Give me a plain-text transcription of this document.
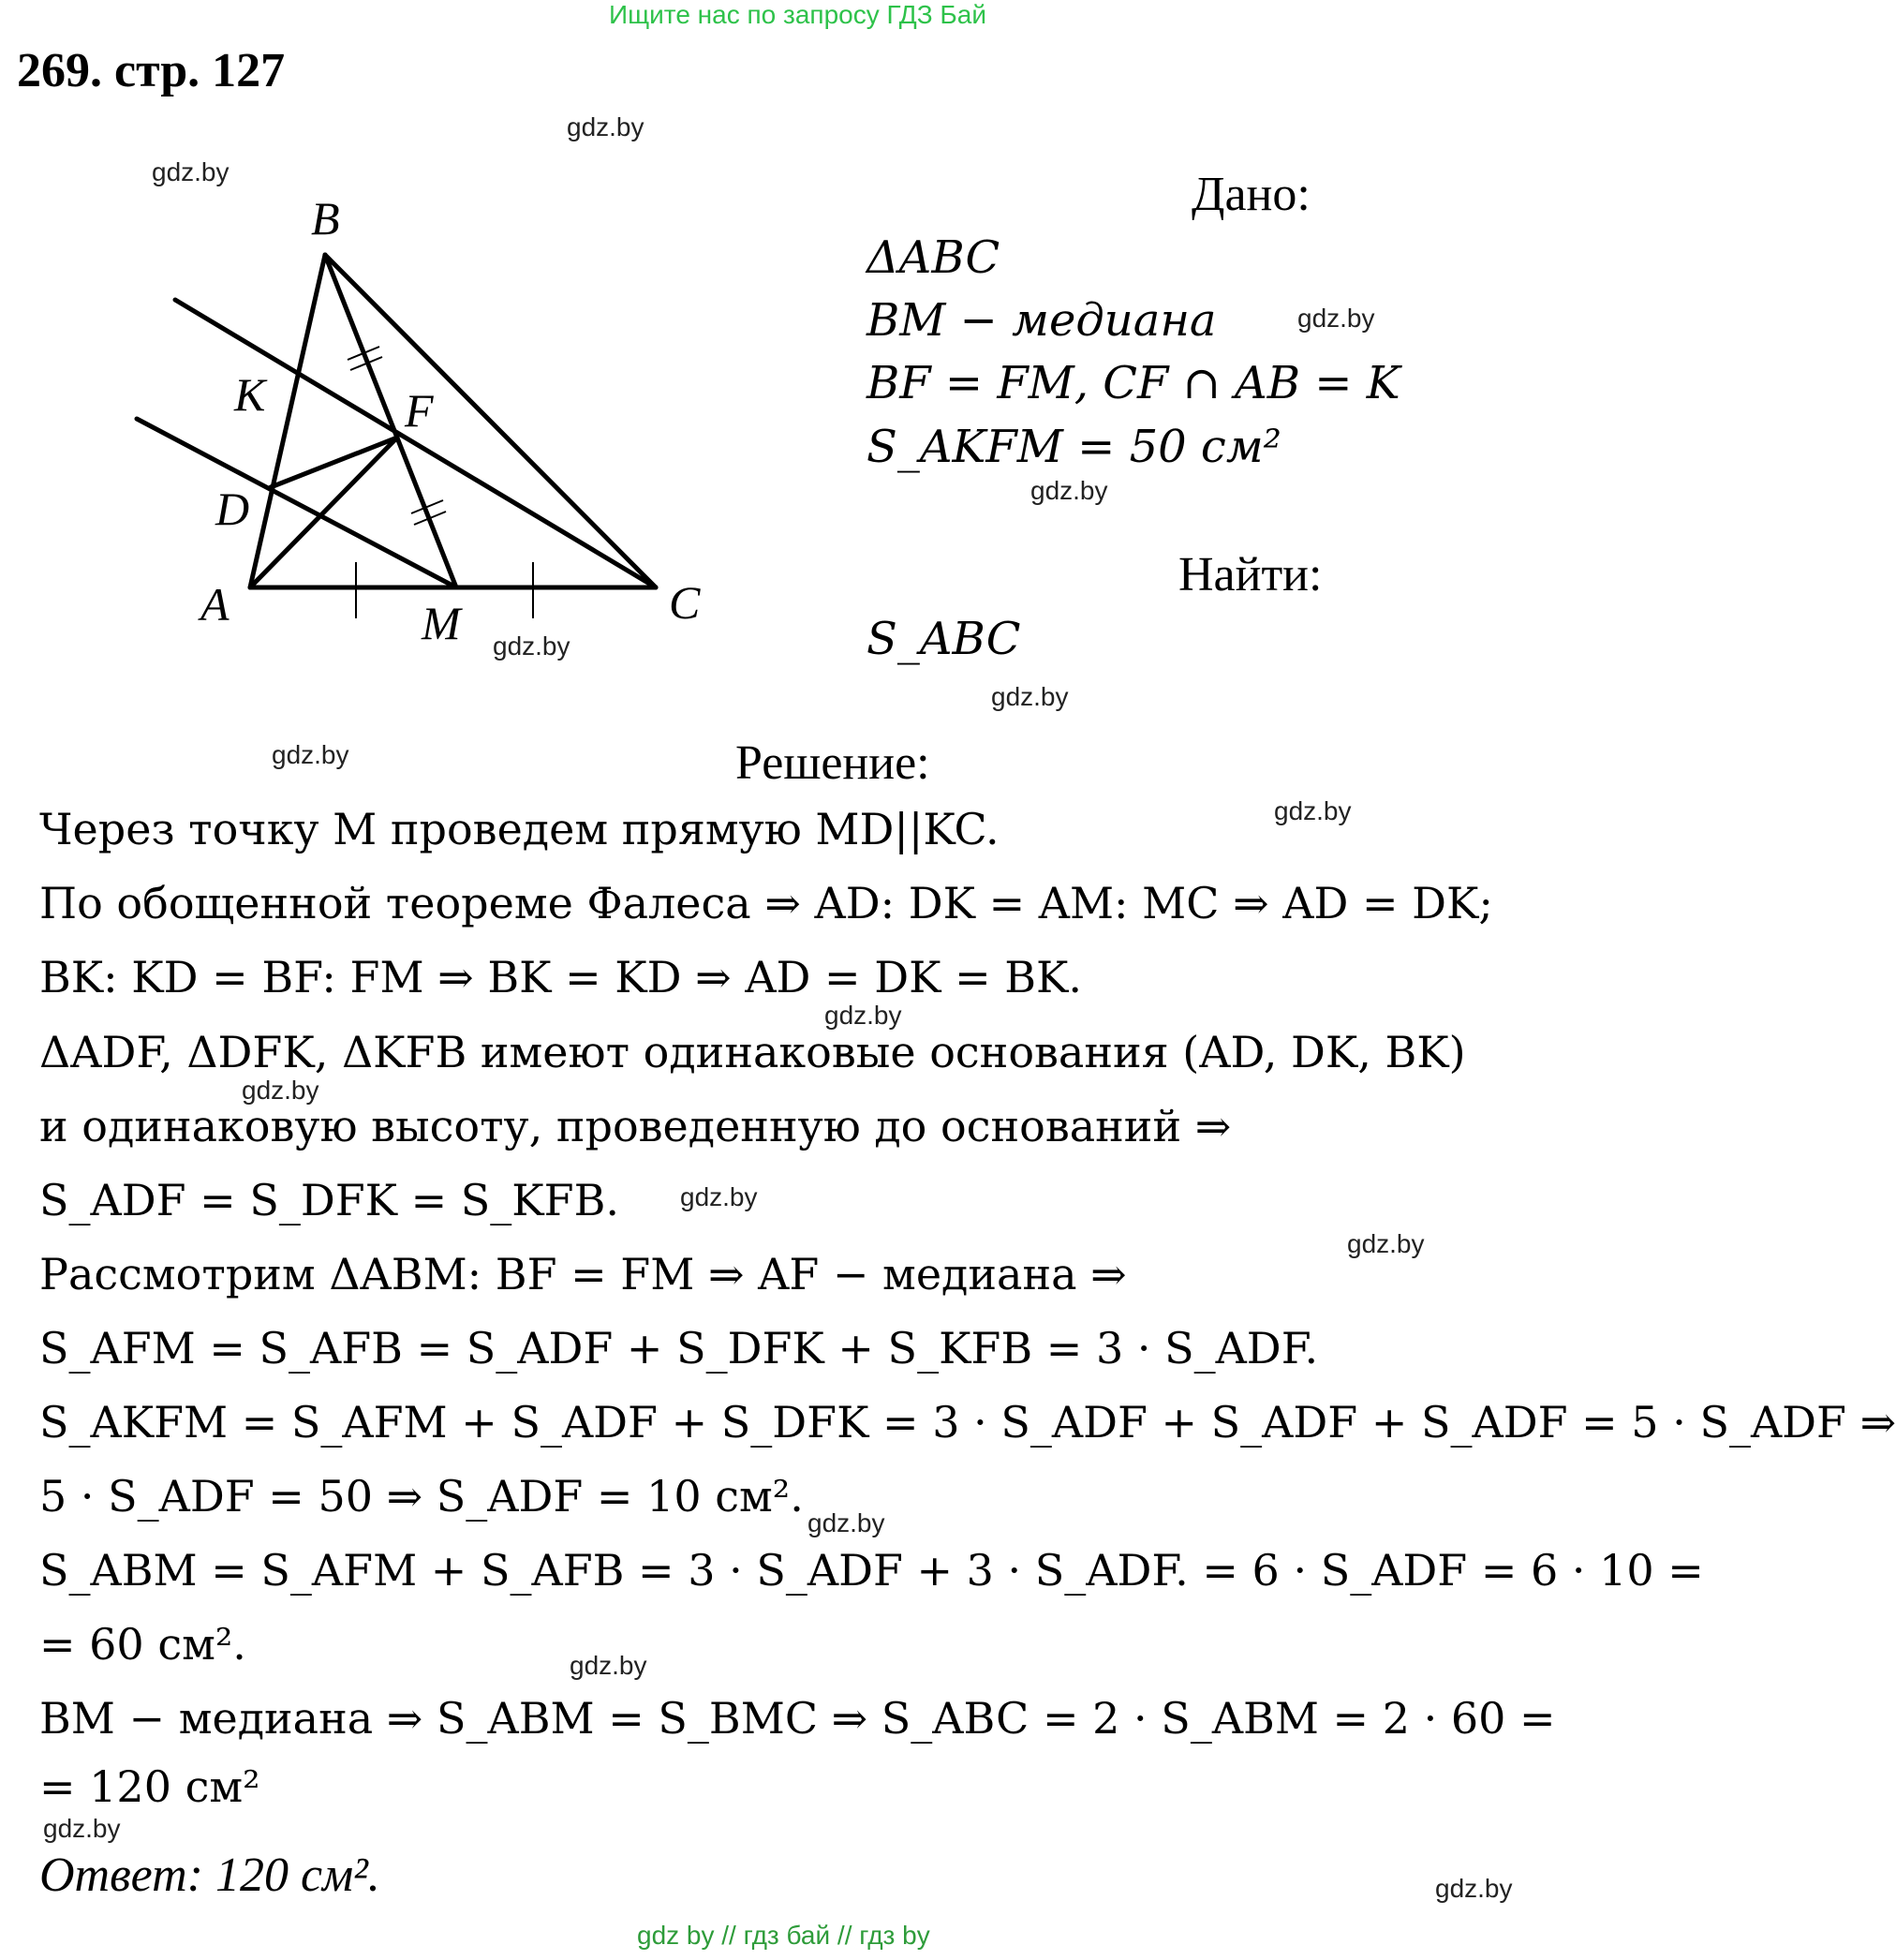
Ищите нас по запросу ГДЗ Бай
269. стр. 127
B
K	F
D
A	M	C
Дано:
ΔABC
BM − медиана
BF = FM, CF ∩ AB = K
S_AKFM = 50 см²
Найти:
S_ABC
Решение:
Через точку M проведем прямую MD||KC.
По обощенной теореме Фалеса ⇒ AD: DK = AM: MC ⇒ AD = DK;
BK: KD = BF: FM ⇒ BK = KD ⇒ AD = DK = BK.
ΔADF, ΔDFK, ΔKFB имеют одинаковые основания (AD, DK, BK)
и одинаковую высоту, проведенную до оснований ⇒
S_ADF = S_DFK = S_KFB.
Рассмотрим ΔABM: BF = FM ⇒ AF − медиана ⇒
S_AFM = S_AFB = S_ADF + S_DFK + S_KFB = 3 · S_ADF.
S_AKFM = S_AFM + S_ADF + S_DFK = 3 · S_ADF + S_ADF + S_ADF = 5 · S_ADF ⇒
5 · S_ADF = 50 ⇒ S_ADF = 10 см².
S_ABM = S_AFM + S_AFB = 3 · S_ADF + 3 · S_ADF. = 6 · S_ADF = 6 · 10 =
= 60 см².
BM − медиана ⇒ S_ABM = S_BMC ⇒ S_ABC = 2 · S_ABM = 2 · 60 =
= 120 см²
Ответ: 120 см².
gdz.by
gdz.by
gdz.by
gdz.by
gdz.by
gdz.by
gdz.by
gdz.by
gdz.by
gdz.by
gdz.by
gdz.by
gdz.by
gdz.by
gdz.by
gdz.by
gdz by // гдз бай // гдз by
